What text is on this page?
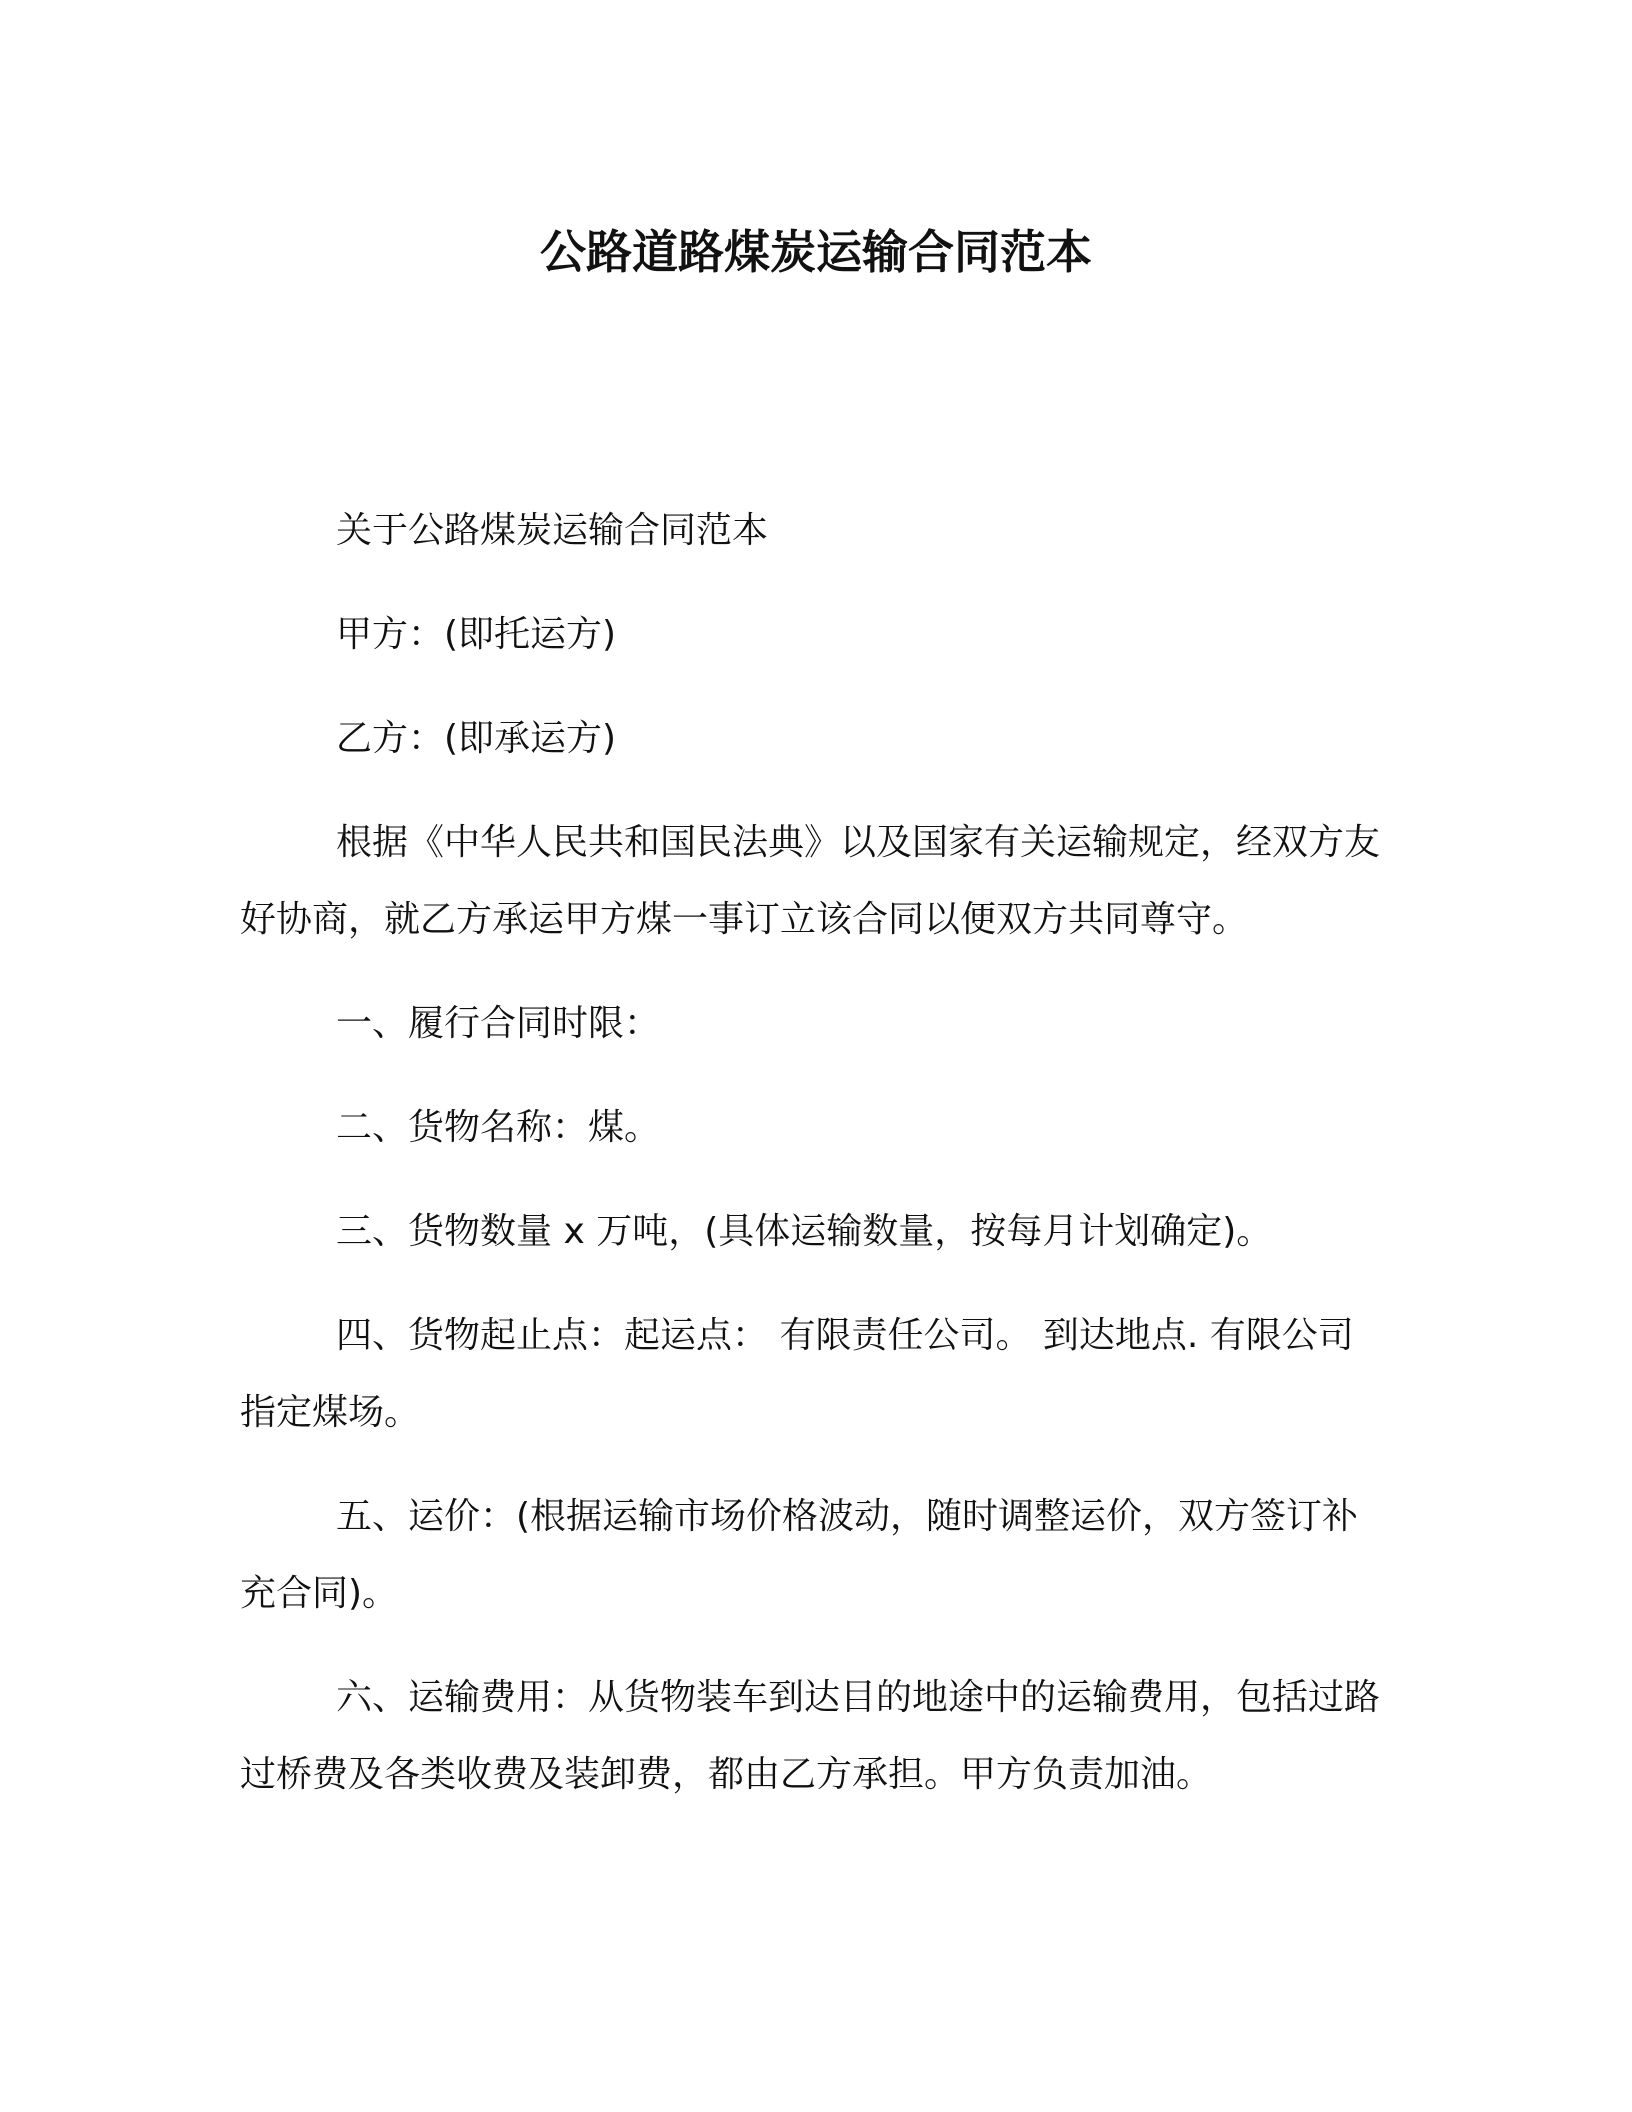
公路道路煤炭运输合同范本

关于公路煤炭运输合同范本

甲方：(即托运方)

乙方：(即承运方)

根据《中华人民共和国民法典》以及国家有关运输规定，经双方友好协商，就乙方承运甲方煤一事订立该合同以便双方共同尊守。

一、履行合同时限：

二、货物名称：煤。

三、货物数量 x 万吨，(具体运输数量，按每月计划确定)。

四、货物起止点：起运点： 有限责任公司。 到达地点. 有限公司指定煤场。

五、运价：(根据运输市场价格波动，随时调整运价，双方签订补充合同)。

六、运输费用：从货物装车到达目的地途中的运输费用，包括过路过桥费及各类收费及装卸费，都由乙方承担。甲方负责加油。
